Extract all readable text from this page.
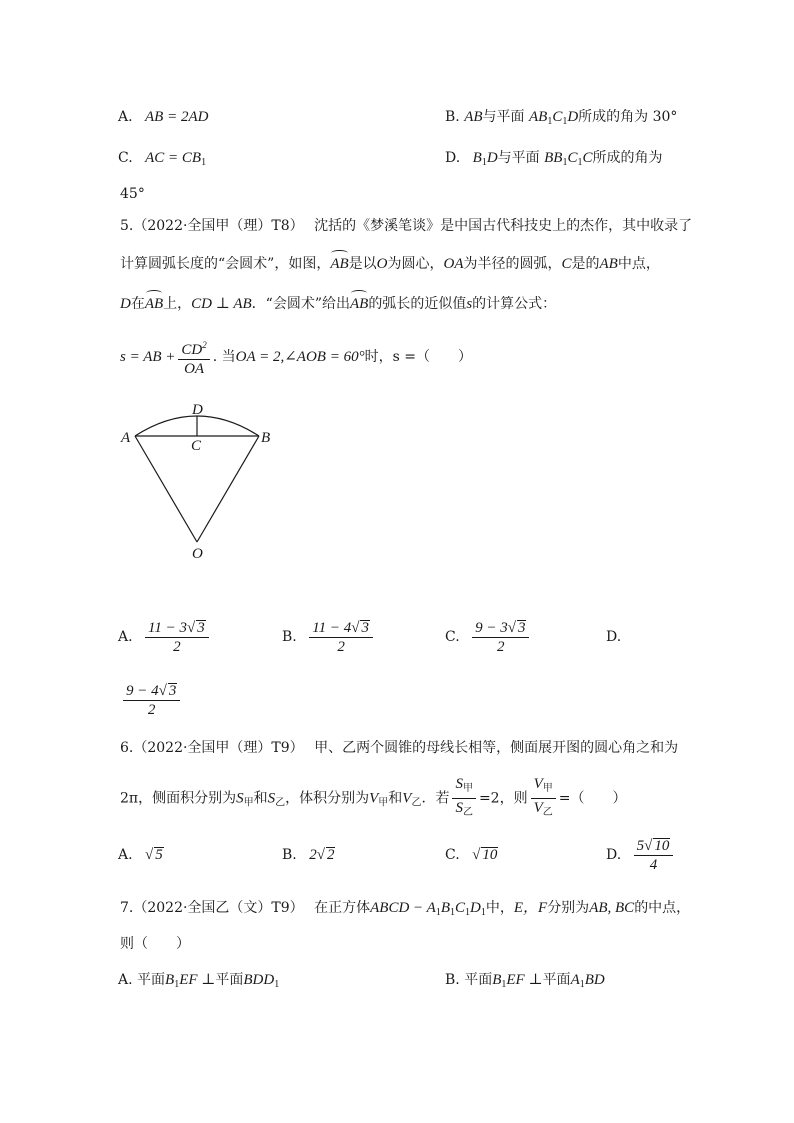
A. AB = 2AD	B. AB与平面 $AB_1C_1D$所成的角为 30°
C. AC = $CB_1$	D. $B_1D$与平面 $BB_1C_1C$所成的角为
45°
5.（2022·全国甲（理）T8） 沈括的《梦溪笔谈》是中国古代科技史上的杰作，其中收录了
计算圆弧长度的“会圆术”，如图，AB是以O为圆心，OA为半径的圆弧，C是的AB中点，
D在AB上，CD ⊥ AB．“会圆术”给出AB的弧长的近似值s的计算公式：
s = AB + $\frac{CD^2}{OA}$ . 当OA = 2,∠AOB = 60°时，s =（　　）
A	B
C
D
O
A. $\frac{11 - 3√ 3}{2}$	B. $\frac{11 - 4√ 3}{2}$	C. $\frac{9 - 3√ 3}{2}$	D.
$\frac{9 - 4√ 3}{2}$
6.（2022·全国甲（理）T9） 甲、乙两个圆锥的母线长相等，侧面展开图的圆心角之和为
2π，侧面积分别为$S_甲$和$S_乙$，体积分别为$V_甲$和$V_乙$．若 $\frac{S_甲}{S_乙} =2$，则 $\frac{V_甲}{V_乙}$ =（　　）
A. √ 5	B. 2√ 2	C. √ 10	D. $\frac{5√ 10}{4}$
7.（2022·全国乙（文）T9） 在正方体ABCD − $A_1B_1C_1D_1$中，E，F分别为AB, BC的中点，
则（　　）
A. 平面$B_1EF$ ⊥平面$BDD_1$	B. 平面$B_1EF$ ⊥平面$A_1BD$
